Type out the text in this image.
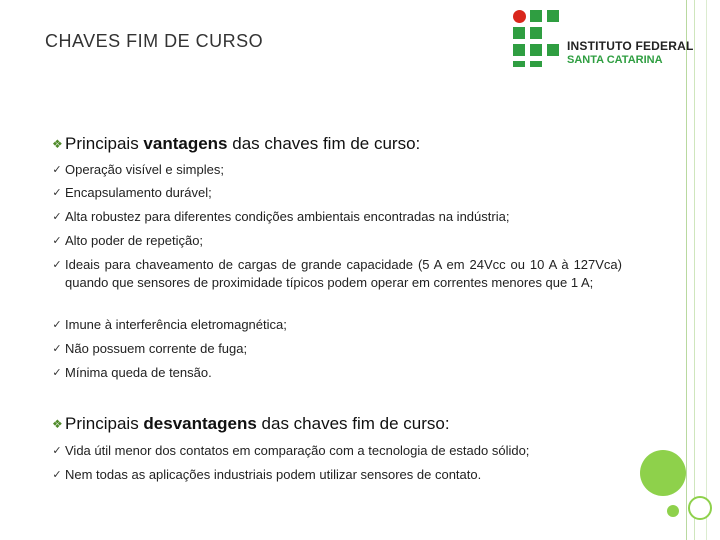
CHAVES FIM DE CURSO	INSTITUTO FEDERAL
SANTA CATARINA
❖ Principais vantagens das chaves fim de curso:
✓ Operação visível e simples;
✓ Encapsulamento durável;
✓ Alta robustez para diferentes condições ambientais encontradas na indústria;
✓ Alto poder de repetição;
✓ Ideais para chaveamento de cargas de grande capacidade (5 A em 24Vcc ou 10 A à 127Vca) quando que sensores de proximidade típicos podem operar em correntes menores que 1 A;
✓ Imune à interferência eletromagnética;
✓ Não possuem corrente de fuga;
✓ Mínima queda de tensão.
❖ Principais desvantagens das chaves fim de curso:
✓ Vida útil menor dos contatos em comparação com a tecnologia de estado sólido;
✓ Nem todas as aplicações industriais podem utilizar sensores de contato.
